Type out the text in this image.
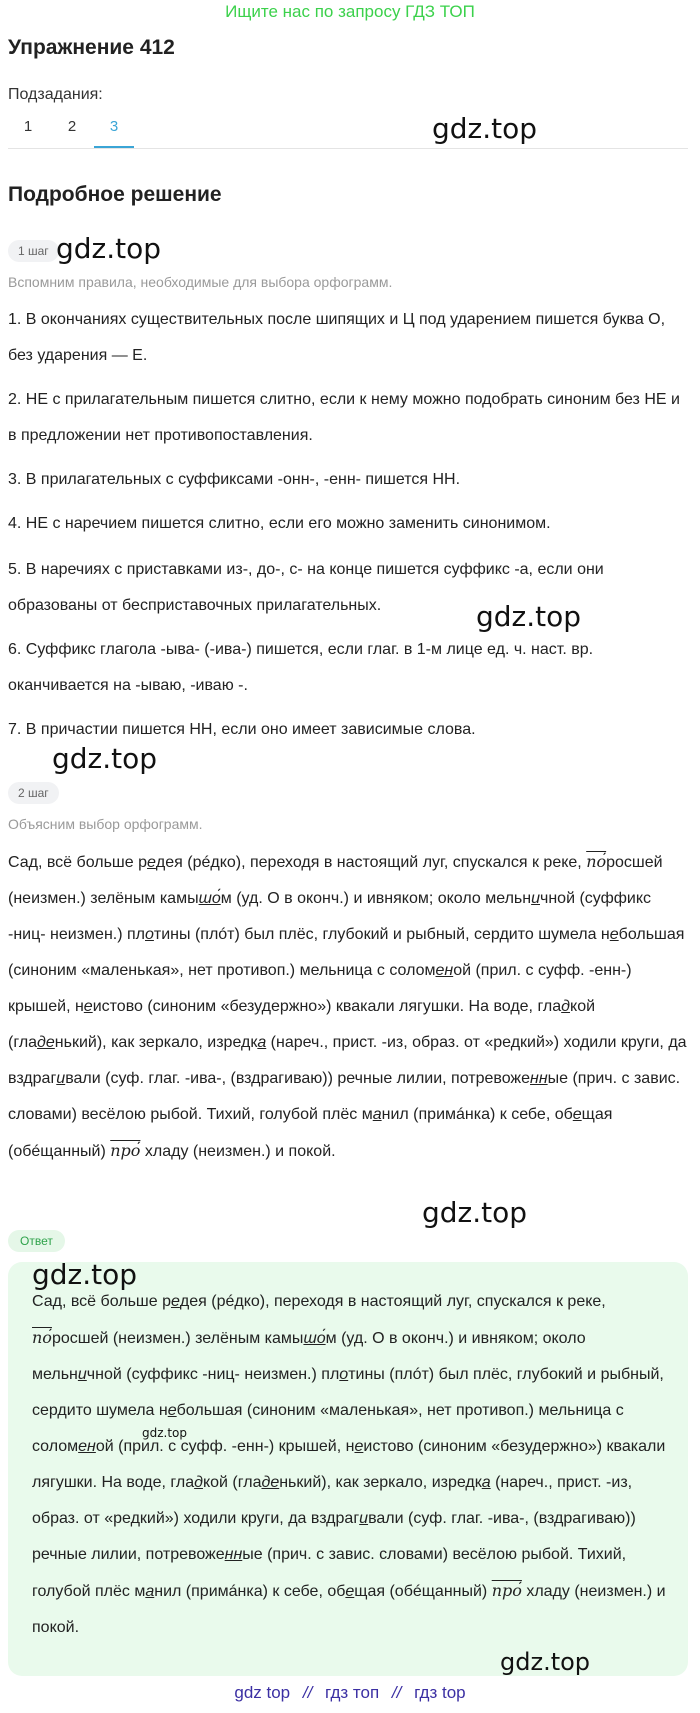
Ищите нас по запросу ГДЗ ТОП
Упражнение 412
Подзадания:
1	2	3	gdz.top
Подробное решение
1 шаг gdz.top
Вспомним правила, необходимые для выбора орфограмм.

1. В окончаниях существительных после шипящих и Ц под ударением пишется буква О, без ударения — Е.

2. НЕ с прилагательным пишется слитно, если к нему можно подобрать синоним без НЕ и в предложении нет противопоставления.

3. В прилагательных с суффиксами -онн-, -енн- пишется НН.

4. НЕ с наречием пишется слитно, если его можно заменить синонимом.

5. В наречиях с приставками из-, до-, с- на конце пишется суффикс -а, если они образованы от бесприставочных прилагательных.	gdz.top

6. Суффикс глагола -ыва- (-ива-) пишется, если глаг. в 1-м лице ед. ч. наст. вр. оканчивается на -ываю, -иваю -.

7. В причастии пишется НН, если оно имеет зависимые слова.

gdz.top
2 шаг
Объясним выбор орфограмм.

Сад, всё больше редея (рéдко), переходя в настоящий луг, спускался к реке, по́росшей (неизмен.) зелёным камышо́м (уд. О в оконч.) и ивняком; около мельничной (суффикс -ниц- неизмен.) плотины (плóт) был плёс, глубокий и рыбный, сердито шумела небольшая (синоним «маленькая», нет противоп.) мельница с соломеной (прил. с суфф. -енн-) крышей, неистово (синоним «безудержно») квакали лягушки. На воде, гладкой (гладенький), как зеркало, изредка (нареч., прист. -из, образ. от «редкий») ходили круги, да вздрагивали (суф. глаг. -ива-, (вздрагиваю)) речные лилии, потревоженные (прич. с завис. словами) весёлою рыбой. Тихий, голубой плёс манил (примáнка) к себе, обещая (обéщанный) про́ хладу (неизмен.) и покой.

gdz.top
Ответ
gdz.top

Сад, всё больше редея (рéдко), переходя в настоящий луг, спускался к реке, по́росшей (неизмен.) зелёным камышо́м (уд. О в оконч.) и ивняком; около мельничной (суффикс -ниц- неизмен.) плотины (плóт) был плёс, глубокий и рыбный, сердито шумела небольшая (синоним «маленькая», нет противоп.) мельница с соломеной (прил. с суфф. -енн-) крышей, неистово (синоним «безудержно») квакали лягушки. На воде, гладкой (гладенький), как зеркало, изредка (нареч., прист. -из, образ. от «редкий») ходили круги, да вздрагивали (суф. глаг. -ива-, (вздрагиваю)) речные лилии, потревоженные (прич. с завис. словами) весёлою рыбой. Тихий, голубой плёс манил (примáнка) к себе, обещая (обéщанный) про́ хладу (неизмен.) и покой.

gdz.top
gdz.top
gdz top // гдз топ // гдз top
